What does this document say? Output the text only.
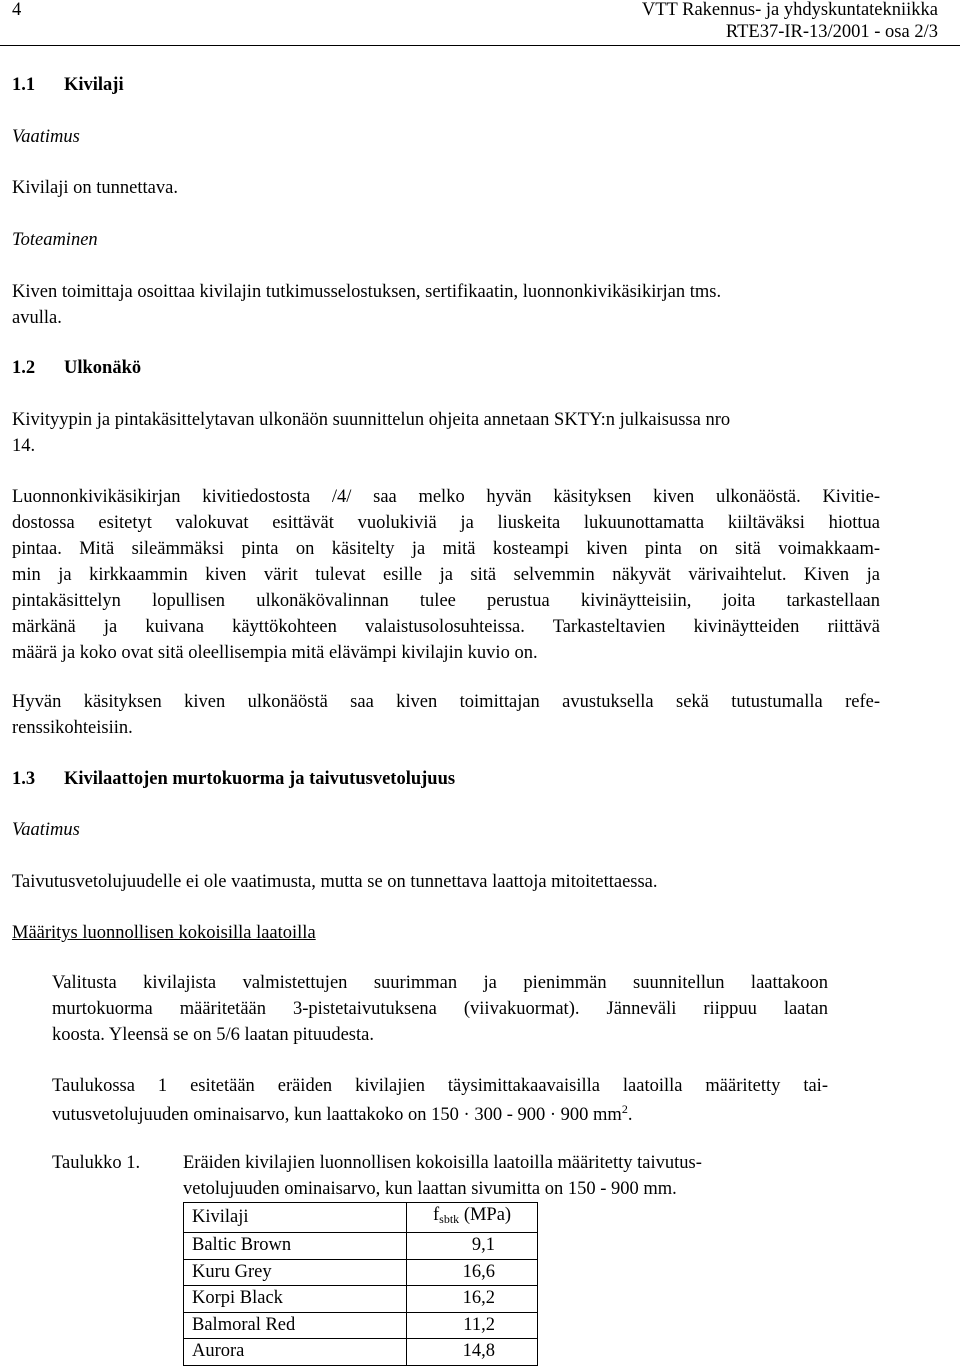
4	VTT Rakennus- ja yhdyskuntatekniikka
RTE37-IR-13/2001 - osa 2/3
1.1 Kivilaji
Vaatimus
Kivilaji on tunnettava.
Toteaminen
Kiven toimittaja osoittaa kivilajin tutkimusselostuksen, sertifikaatin, luonnonkivikäsikirjan tms.
avulla.
1.2 Ulkonäkö
Kivityypin ja pintakäsittelytavan ulkonäön suunnittelun ohjeita annetaan SKTY:n julkaisussa nro
14.
Luonnonkivikäsikirjan kivitiedostosta /4/ saa melko hyvän käsityksen kiven ulkonäöstä. Kivitie-
dostossa esitetyt valokuvat esittävät vuolukiviä ja liuskeita lukuunottamatta kiiltäväksi hiottua
pintaa. Mitä sileämmäksi pinta on käsitelty ja mitä kosteampi kiven pinta on sitä voimakkaam-
min ja kirkkaammin kiven värit tulevat esille ja sitä selvemmin näkyvät värivaihtelut. Kiven ja
pintakäsittelyn lopullisen ulkonäkövalinnan tulee perustua kivinäytteisiin, joita tarkastellaan
märkänä ja kuivana käyttökohteen valaistusolosuhteissa. Tarkasteltavien kivinäytteiden riittävä
määrä ja koko ovat sitä oleellisempia mitä elävämpi kivilajin kuvio on.
Hyvän käsityksen kiven ulkonäöstä saa kiven toimittajan avustuksella sekä tutustumalla refe-
renssikohteisiin.
1.3 Kivilaattojen murtokuorma ja taivutusvetolujuus
Vaatimus
Taivutusvetolujuudelle ei ole vaatimusta, mutta se on tunnettava laattoja mitoitettaessa.
Määritys luonnollisen kokoisilla laatoilla
Valitusta kivilajista valmistettujen suurimman ja pienimmän suunnitellun laattakoon
murtokuorma määritetään 3-pistetaivutuksena (viivakuormat). Jänneväli riippuu laatan
koosta. Yleensä se on 5/6 laatan pituudesta.
Taulukossa 1 esitetään eräiden kivilajien täysimittakaavaisilla laatoilla määritetty tai-
vutusvetolujuuden ominaisarvo, kun laattakoko on 150 · 300 - 900 · 900 $mm^2$.
Taulukko 1. Eräiden kivilajien luonnollisen kokoisilla laatoilla määritetty taivutus-
vetolujuuden ominaisarvo, kun laattan sivumitta on 150 - 900 mm.
Kivilaji	$f_{sbtk}$ (MPa)
Baltic Brown	9,1
Kuru Grey	16,6
Korpi Black	16,2
Balmoral Red	11,2
Aurora	14,8
